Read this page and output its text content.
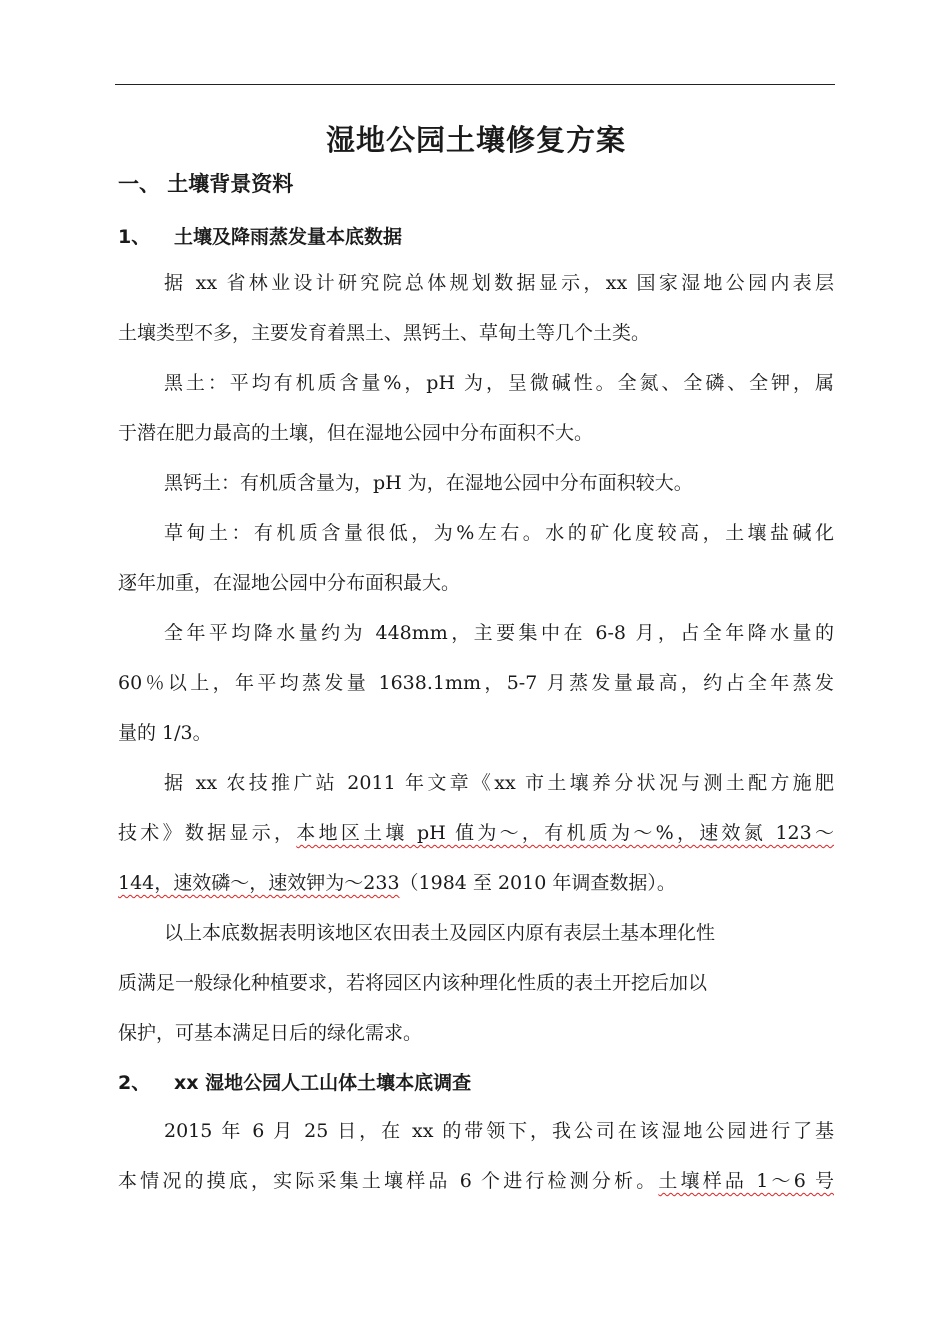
湿地公园土壤修复方案
一、 土壤背景资料
1、 土壤及降雨蒸发量本底数据
据 xx 省林业设计研究院总体规划数据显示，xx 国家湿地公园内表层
土壤类型不多，主要发育着黑土、黑钙土、草甸土等几个土类。
黑土：平均有机质含量%，pH 为，呈微碱性。全氮、全磷、全钾，属
于潜在肥力最高的土壤，但在湿地公园中分布面积不大。
黑钙土：有机质含量为，pH 为，在湿地公园中分布面积较大。
草甸土：有机质含量很低，为%左右。水的矿化度较高，土壤盐碱化
逐年加重，在湿地公园中分布面积最大。
全年平均降水量约为 448mm，主要集中在 6-8 月，占全年降水量的
60％以上，年平均蒸发量 1638.1mm，5-7 月蒸发量最高，约占全年蒸发
量的 1/3。
据 xx 农技推广站 2011 年文章《xx 市土壤养分状况与测土配方施肥
技术》数据显示，本地区土壤 pH 值为～，有机质为～%，速效氮 123～
144，速效磷～，速效钾为～233（1984 至 2010 年调查数据）。
以上本底数据表明该地区农田表土及园区内原有表层土基本理化性
质满足一般绿化种植要求，若将园区内该种理化性质的表土开挖后加以
保护，可基本满足日后的绿化需求。
2、 xx 湿地公园人工山体土壤本底调查
2015 年 6 月 25 日，在 xx 的带领下，我公司在该湿地公园进行了基
本情况的摸底，实际采集土壤样品 6 个进行检测分析。土壤样品 1～6 号
